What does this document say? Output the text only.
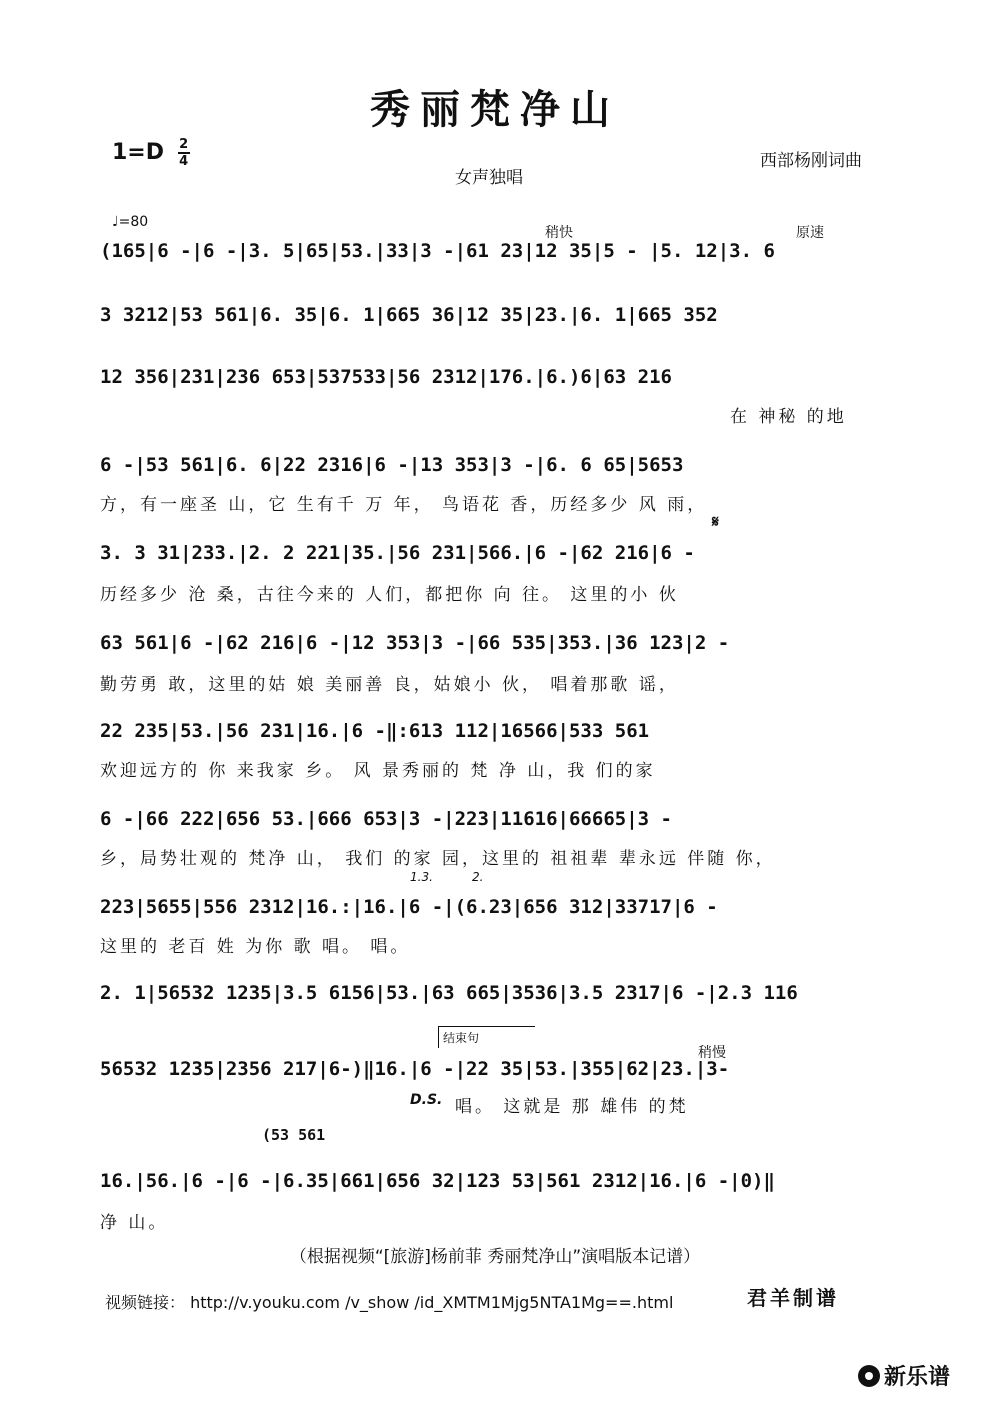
秀丽梵净山
$1=D \frac{2}{4}$	西部杨刚词曲
女声独唱
♩=80
稍快	原速
𝄋
1.3.	2.
结束句
稍慢
D.S.
(53 561
(165|6 -|6 -|3. 5|65|53.|33|3 -|61 23|12 35|5 - |5. 12|3. 6
3 3212|53 561|6. 35|6. 1|665 36|12 35|23.|6. 1|665 352
12 356|231|236 653|537533|56 2312|176.|6.)6|63 216
在 神秘 的地
6 -|53 561|6. 6|22 2316|6 -|13 353|3 -|6. 6 65|5653
方，有一座圣 山，它 生有千 万 年， 鸟语花 香，历经多少 风 雨，
3. 3 31|233.|2. 2 221|35.|56 231|566.|6 -|62 216|6 -
历经多少 沧 桑，古往今来的 人们，都把你 向 往。 这里的小 伙
63 561|6 -|62 216|6 -|12 353|3 -|66 535|353.|36 123|2 -
勤劳勇 敢，这里的姑 娘 美丽善 良，姑娘小 伙， 唱着那歌 谣，
22 235|53.|56 231|16.|6 -‖:613 112|16566|533 561
欢迎远方的 你 来我家 乡。 风 景秀丽的 梵 净 山，我 们的家
6 -|66 222|656 53.|666 653|3 -|223|11616|66665|3 -
乡，局势壮观的 梵净 山， 我们 的家 园，这里的 祖祖辈 辈永远 伴随 你，
223|5655|556 2312|16.:|16.|6 -|(6.23|656 312|33717|6 -
这里的 老百 姓 为你 歌 唱。 唱。
2. 1|56532 1235|3.5 6156|53.|63 665|3536|3.5 2317|6 -|2.3 116
56532 1235|2356 217|6-)‖16.|6 -|22 35|53.|355|62|23.|3-
唱。 这就是 那 雄伟 的梵
16.|56.|6 -|6 -|6.35|661|656 32|123 53|561 2312|16.|6 -|0)‖
净 山。
（根据视频“[旅游]杨前菲 秀丽梵净山”演唱版本记谱）
视频链接： http://v.youku.com /v_show /id_XMTM1Mjg5NTA1Mg==.html	君羊制谱
新乐谱
